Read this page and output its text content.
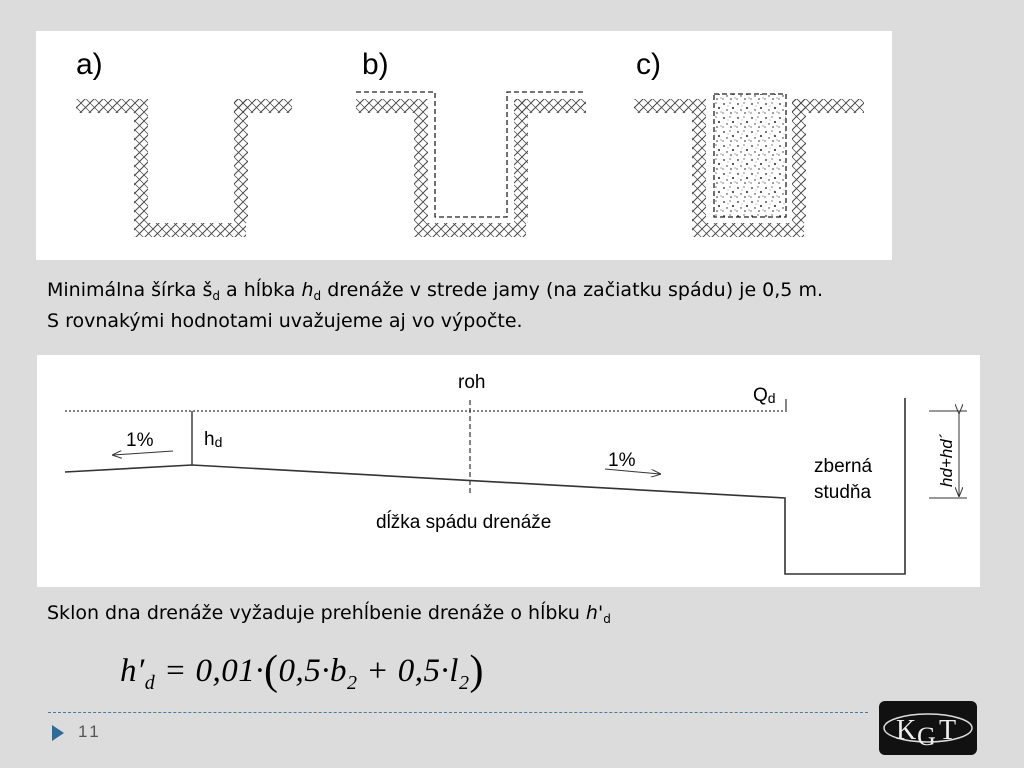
a)	b)	c)
Minimálna šírka $š_d$ a hĺbka $h_d$ drenáže v strede jamy (na začiatku spádu) je 0,5 m.
S rovnakými hodnotami uvažujeme aj vo výpočte.
roh
Qd
hd
1%
1%
dĺžka spádu drenáže
zberná
studňa
hd+hd´
Sklon dna drenáže vyžaduje prehĺbenie drenáže o hĺbku $h'_d$
$h'_d = 0,01\cdot(0,5\cdot b_2 + 0,5\cdot l_2)$
11	K G T
